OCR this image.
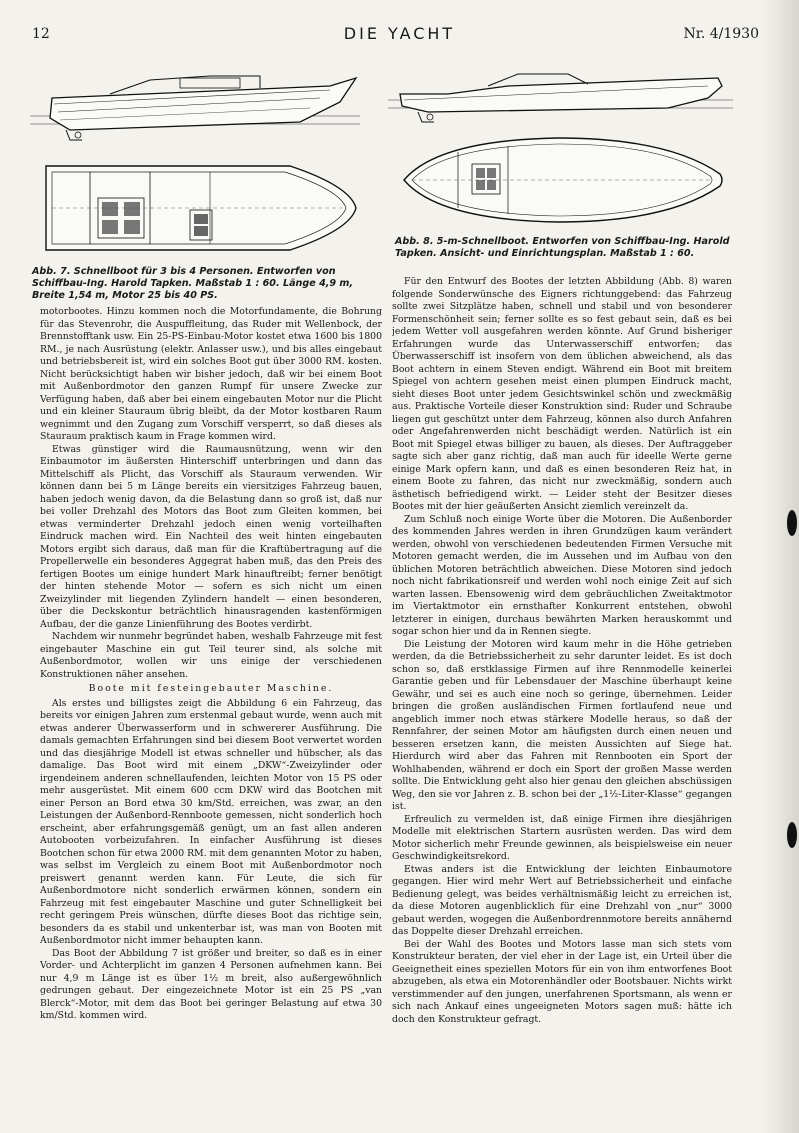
12	DIE YACHT	Nr. 4/1930
Abb. 7. Schnellboot für 3 bis 4 Personen. Entworfen von Schiffbau-Ing. Harold Tapken. Maßstab 1 : 60. Länge 4,9 m, Breite 1,54 m, Motor 25 bis 40 PS.
Abb. 8. 5-m-Schnellboot. Entworfen von Schiffbau-Ing. Harold Tapken. Ansicht- und Einrichtungsplan. Maßstab 1 : 60.

motorbootes. Hinzu kommen noch die Motorfundamente, die Bohrung für das Stevenrohr, die Auspuffleitung, das Ruder mit Wellenbock, der Brennstofftank usw. Ein 25-PS-Einbau-Motor kostet etwa 1600 bis 1800 RM., je nach Ausrüstung (elektr. Anlasser usw.), und bis alles eingebaut und betriebsbereit ist, wird ein solches Boot gut über 3000 RM. kosten. Nicht berücksichtigt haben wir bisher jedoch, daß wir bei einem Boot mit Außenbordmotor den ganzen Rumpf für unsere Zwecke zur Verfügung haben, daß aber bei einem eingebauten Motor nur die Plicht und ein kleiner Stauraum übrig bleibt, da der Motor kostbaren Raum wegnimmt und den Zugang zum Vorschiff versperrt, so daß dieses als Stauraum praktisch kaum in Frage kommen wird.

Etwas günstiger wird die Raumausnützung, wenn wir den Einbaumotor im äußersten Hinterschiff unterbringen und dann das Mittelschiff als Plicht, das Vorschiff als Stauraum verwenden. Wir können dann bei 5 m Länge bereits ein viersitziges Fahrzeug bauen, haben jedoch wenig davon, da die Belastung dann so groß ist, daß nur bei voller Drehzahl des Motors das Boot zum Gleiten kommen, bei etwas verminderter Drehzahl jedoch einen wenig vorteilhaften Eindruck machen wird. Ein Nachteil des weit hinten eingebauten Motors ergibt sich daraus, daß man für die Kraftübertragung auf die Propellerwelle ein besonderes Aggegrat haben muß, das den Preis des fertigen Bootes um einige hundert Mark hinauftreibt; ferner benötigt der hinten stehende Motor — sofern es sich nicht um einen Zweizylinder mit liegenden Zylindern handelt — einen besonderen, über die Deckskontur beträchtlich hinausragenden kastenförmigen Aufbau, der die ganze Linienführung des Bootes verdirbt.

Nachdem wir nunmehr begründet haben, weshalb Fahrzeuge mit fest eingebauter Maschine ein gut Teil teurer sind, als solche mit Außenbordmotor, wollen wir uns einige der verschiedenen Konstruktionen näher ansehen.

Boote mit festeingebauter Maschine.

Als erstes und billigstes zeigt die Abbildung 6 ein Fahrzeug, das bereits vor einigen Jahren zum erstenmal gebaut wurde, wenn auch mit etwas anderer Überwasserform und in schwererer Ausführung. Die damals gemachten Erfahrungen sind bei diesem Boot verwertet worden und das diesjährige Modell ist etwas schneller und hübscher, als das damalige. Das Boot wird mit einem „DKW“-Zweizylinder oder irgendeinem anderen schnellaufenden, leichten Motor von 15 PS oder mehr ausgerüstet. Mit einem 600 ccm DKW wird das Bootchen mit einer Person an Bord etwa 30 km/Std. erreichen, was zwar, an den Leistungen der Außenbord-Rennboote gemessen, nicht sonderlich hoch erscheint, aber erfahrungsgemäß genügt, um an fast allen anderen Autobooten vorbeizufahren. In einfacher Ausführung ist dieses Bootchen schon für etwa 2000 RM. mit dem genannten Motor zu haben, was selbst im Vergleich zu einem Boot mit Außenbordmotor noch preiswert genannt werden kann. Für Leute, die sich für Außenbordmotore nicht sonderlich erwärmen können, sondern ein Fahrzeug mit fest eingebauter Maschine und guter Schnelligkeit bei recht geringem Preis wünschen, dürfte dieses Boot das richtige sein, besonders da es stabil und unkenterbar ist, was man von Booten mit Außenbordmotor nicht immer behaupten kann.

Das Boot der Abbildung 7 ist größer und breiter, so daß es in einer Vorder- und Achterplicht im ganzen 4 Personen aufnehmen kann. Bei nur 4,9 m Länge ist es über 1½ m breit, also außergewöhnlich gedrungen gebaut. Der eingezeichnete Motor ist ein 25 PS „van Blerck“-Motor, mit dem das Boot bei geringer Belastung auf etwa 30 km/Std. kommen wird.

Für den Entwurf des Bootes der letzten Abbildung (Abb. 8) waren folgende Sonderwünsche des Eigners richtunggebend: das Fahrzeug sollte zwei Sitzplätze haben, schnell und stabil und von besonderer Formenschönheit sein; ferner sollte es so fest gebaut sein, daß es bei jedem Wetter voll ausgefahren werden könnte. Auf Grund bisheriger Erfahrungen wurde das Unterwasserschiff entworfen; das Überwasserschiff ist insofern von dem üblichen abweichend, als das Boot achtern in einem Steven endigt. Während ein Boot mit breitem Spiegel von achtern gesehen meist einen plumpen Eindruck macht, sieht dieses Boot unter jedem Gesichtswinkel schön und zweckmäßig aus. Praktische Vorteile dieser Konstruktion sind: Ruder und Schraube liegen gut geschützt unter dem Fahrzeug, können also durch Anfahren oder Angefahrenwerden nicht beschädigt werden. Natürlich ist ein Boot mit Spiegel etwas billiger zu bauen, als dieses. Der Auftraggeber sagte sich aber ganz richtig, daß man auch für ideelle Werte gerne einige Mark opfern kann, und daß es einen besonderen Reiz hat, in einem Boote zu fahren, das nicht nur zweckmäßig, sondern auch ästhetisch befriedigend wirkt. — Leider steht der Besitzer dieses Bootes mit der hier geäußerten Ansicht ziemlich vereinzelt da.

Zum Schluß noch einige Worte über die Motoren. Die Außenborder des kommenden Jahres werden in ihren Grundzügen kaum verändert werden, obwohl von verschiedenen bedeutenden Firmen Versuche mit Motoren gemacht werden, die im Aussehen und im Aufbau von den üblichen Motoren beträchtlich abweichen. Diese Motoren sind jedoch noch nicht fabrikationsreif und werden wohl noch einige Zeit auf sich warten lassen. Ebensowenig wird dem gebräuchlichen Zweitaktmotor im Viertaktmotor ein ernsthafter Konkurrent entstehen, obwohl letzterer in einigen, durchaus bewährten Marken herauskommt und sogar schon hier und da in Rennen siegte.

Die Leistung der Motoren wird kaum mehr in die Höhe getrieben werden, da die Betriebssicherheit zu sehr darunter leidet. Es ist doch schon so, daß erstklassige Firmen auf ihre Rennmodelle keinerlei Garantie geben und für Lebensdauer der Maschine überhaupt keine Gewähr, und sei es auch eine noch so geringe, übernehmen. Leider bringen die großen ausländischen Firmen fortlaufend neue und angeblich immer noch etwas stärkere Modelle heraus, so daß der Rennfahrer, der seinen Motor am häufigsten durch einen neuen und besseren ersetzen kann, die meisten Aussichten auf Siege hat. Hierdurch wird aber das Fahren mit Rennbooten ein Sport der Wohlhabenden, während er doch ein Sport der großen Masse werden sollte. Die Entwicklung geht also hier genau den gleichen abschüssigen Weg, den sie vor Jahren z. B. schon bei der „1½-Liter-Klasse“ gegangen ist.

Erfreulich zu vermelden ist, daß einige Firmen ihre diesjährigen Modelle mit elektrischen Startern ausrüsten werden. Das wird dem Motor sicherlich mehr Freunde gewinnen, als beispielsweise ein neuer Geschwindigkeitsrekord.

Etwas anders ist die Entwicklung der leichten Einbaumotore gegangen. Hier wird mehr Wert auf Betriebssicherheit und einfache Bedienung gelegt, was beides verhältnismäßig leicht zu erreichen ist, da diese Motoren augenblicklich für eine Drehzahl von „nur“ 3000 gebaut werden, wogegen die Außenbordrennmotore bereits annähernd das Doppelte dieser Drehzahl erreichen.

Bei der Wahl des Bootes und Motors lasse man sich stets vom Konstrukteur beraten, der viel eher in der Lage ist, ein Urteil über die Geeignetheit eines speziellen Motors für ein von ihm entworfenes Boot abzugeben, als etwa ein Motorenhändler oder Bootsbauer. Nichts wirkt verstimmender auf den jungen, unerfahrenen Sportsmann, als wenn er sich nach Ankauf eines ungeeigneten Motors sagen muß: hätte ich doch den Konstrukteur gefragt.
